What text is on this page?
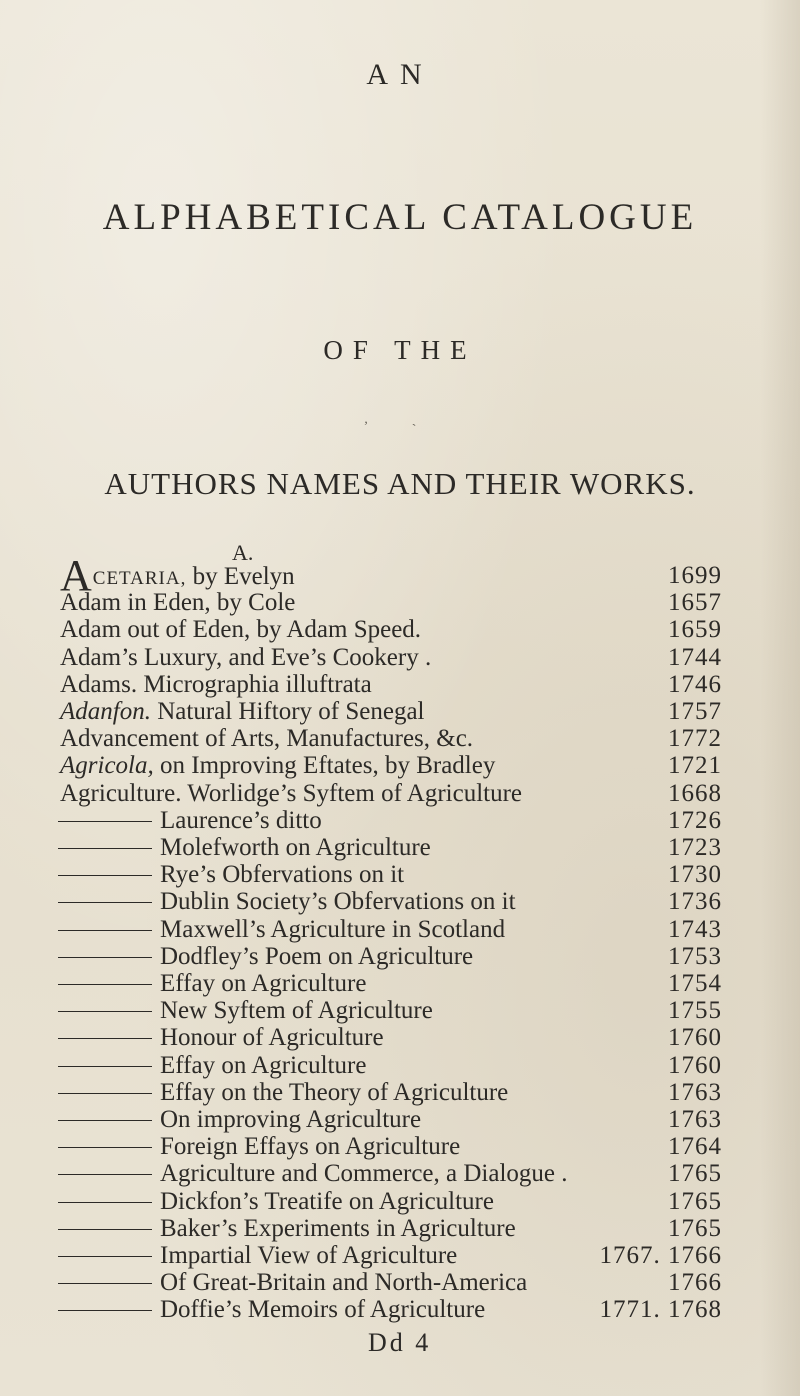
AN
ALPHABETICAL CATALOGUE
OF THE
‚ ˏ
AUTHORS NAMES AND THEIR WORKS.
A.
ACETARIA, by Evelyn	1699
Adam in Eden, by Cole	1657
Adam out of Eden, by Adam Speed.	1659
Adam’s Luxury, and Eve’s Cookery .	1744
Adams. Micrographia illuftrata	1746
Adanfon. Natural Hiftory of Senegal	1757
Advancement of Arts, Manufactures, &c.	1772
Agricola, on Improving Eftates, by Bradley	1721
Agriculture. Worlidge’s Syftem of Agriculture	1668
Laurence’s ditto	1726
Molefworth on Agriculture	1723
Rye’s Obfervations on it	1730
Dublin Society’s Obfervations on it	1736
Maxwell’s Agriculture in Scotland	1743
Dodfley’s Poem on Agriculture	1753
Effay on Agriculture	1754
New Syftem of Agriculture	1755
Honour of Agriculture	1760
Effay on Agriculture	1760
Effay on the Theory of Agriculture	1763
On improving Agriculture	1763
Foreign Effays on Agriculture	1764
Agriculture and Commerce, a Dialogue .	1765
Dickfon’s Treatife on Agriculture	1765
Baker’s Experiments in Agriculture	1765
Impartial View of Agriculture	1767. 1766
Of Great-Britain and North-America	1766
Doffie’s Memoirs of Agriculture	1771. 1768
Dd 4
